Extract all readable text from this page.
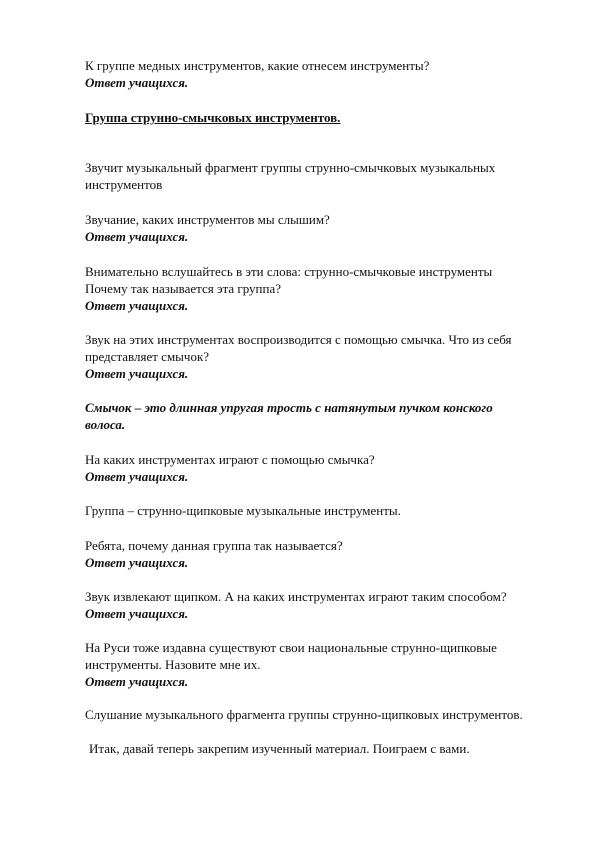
К группе медных инструментов, какие отнесем инструменты?
Ответ учащихся.
Группа струнно-смычковых инструментов.
Звучит музыкальный фрагмент группы струнно-смычковых музыкальных
инструментов
Звучание, каких инструментов мы слышим?
Ответ учащихся.
Внимательно вслушайтесь в эти слова: струнно-смычковые инструменты
Почему так называется эта группа?
Ответ учащихся.
Звук на этих инструментах воспроизводится с помощью смычка. Что из себя
представляет смычок?
Ответ учащихся.
Смычок – это длинная упругая трость с натянутым пучком конского
волоса.
На каких инструментах играют с помощью смычка?
Ответ учащихся.
Группа – струнно-щипковые музыкальные инструменты.
Ребята, почему данная группа так называется?
Ответ учащихся.
Звук извлекают щипком. А на каких инструментах играют таким способом?
Ответ учащихся.
На Руси тоже издавна существуют свои национальные струнно-щипковые
инструменты. Назовите мне их.
Ответ учащихся.
Слушание музыкального фрагмента группы струнно-щипковых инструментов.
Итак, давай теперь закрепим изученный материал. Поиграем с вами.
